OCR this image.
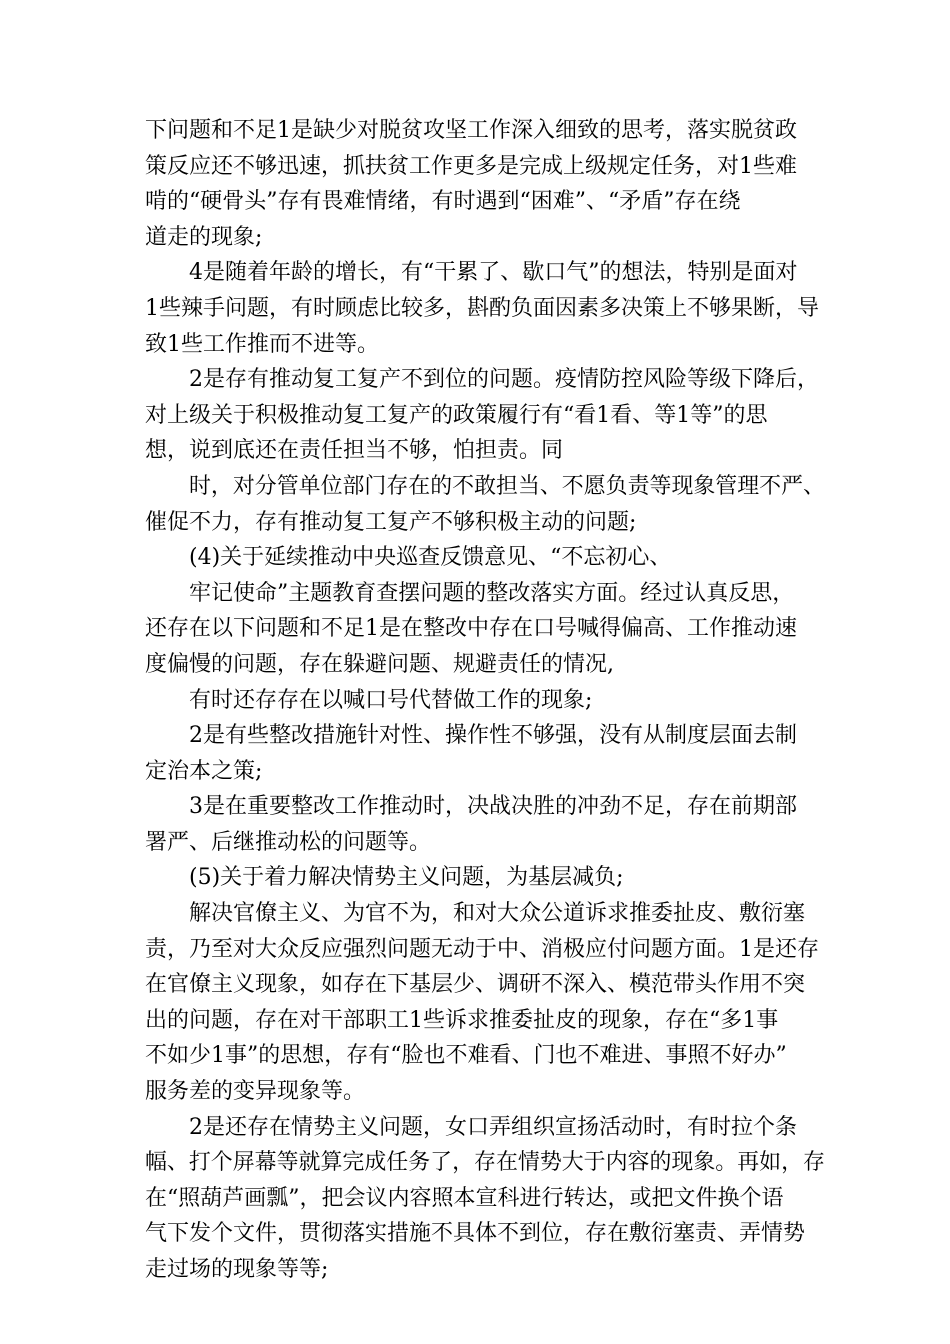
下问题和不足1是缺少对脱贫攻坚工作深入细致的思考，落实脱贫政
策反应还不够迅速，抓扶贫工作更多是完成上级规定任务，对1些难
啃的“硬骨头”存有畏难情绪，有时遇到“困难”、“矛盾”存在绕
道走的现象;
4是随着年龄的增长，有“干累了、歇口气”的想法，特别是面对
1些辣手问题，有时顾虑比较多，斟酌负面因素多决策上不够果断，导
致1些工作推而不进等。
2是存有推动复工复产不到位的问题。疫情防控风险等级下降后，
对上级关于积极推动复工复产的政策履行有“看1看、等1等”的思
想，说到底还在责任担当不够，怕担责。同
时，对分管单位部门存在的不敢担当、不愿负责等现象管理不严、
催促不力，存有推动复工复产不够积极主动的问题;
(4)关于延续推动中央巡查反馈意见、“不忘初心、
牢记使命”主题教育查摆问题的整改落实方面。经过认真反思，
还存在以下问题和不足1是在整改中存在口号喊得偏高、工作推动速
度偏慢的问题，存在躲避问题、规避责任的情况,
有时还存存在以喊口号代替做工作的现象;
2是有些整改措施针对性、操作性不够强，没有从制度层面去制
定治本之策;
3是在重要整改工作推动时，决战决胜的冲劲不足，存在前期部
署严、后继推动松的问题等。
(5)关于着力解决情势主义问题，为基层减负;
解决官僚主义、为官不为，和对大众公道诉求推委扯皮、敷衍塞
责，乃至对大众反应强烈问题无动于中、消极应付问题方面。1是还存
在官僚主义现象，如存在下基层少、调研不深入、模范带头作用不突
出的问题，存在对干部职工1些诉求推委扯皮的现象，存在“多1事
不如少1事”的思想，存有“脸也不难看、门也不难进、事照不好办”
服务差的变异现象等。
2是还存在情势主义问题，女口弄组织宣扬活动时，有时拉个条
幅、打个屏幕等就算完成任务了，存在情势大于内容的现象。再如，存
在“照葫芦画瓢”，把会议内容照本宣科进行转达，或把文件换个语
气下发个文件，贯彻落实措施不具体不到位，存在敷衍塞责、弄情势
走过场的现象等等;
